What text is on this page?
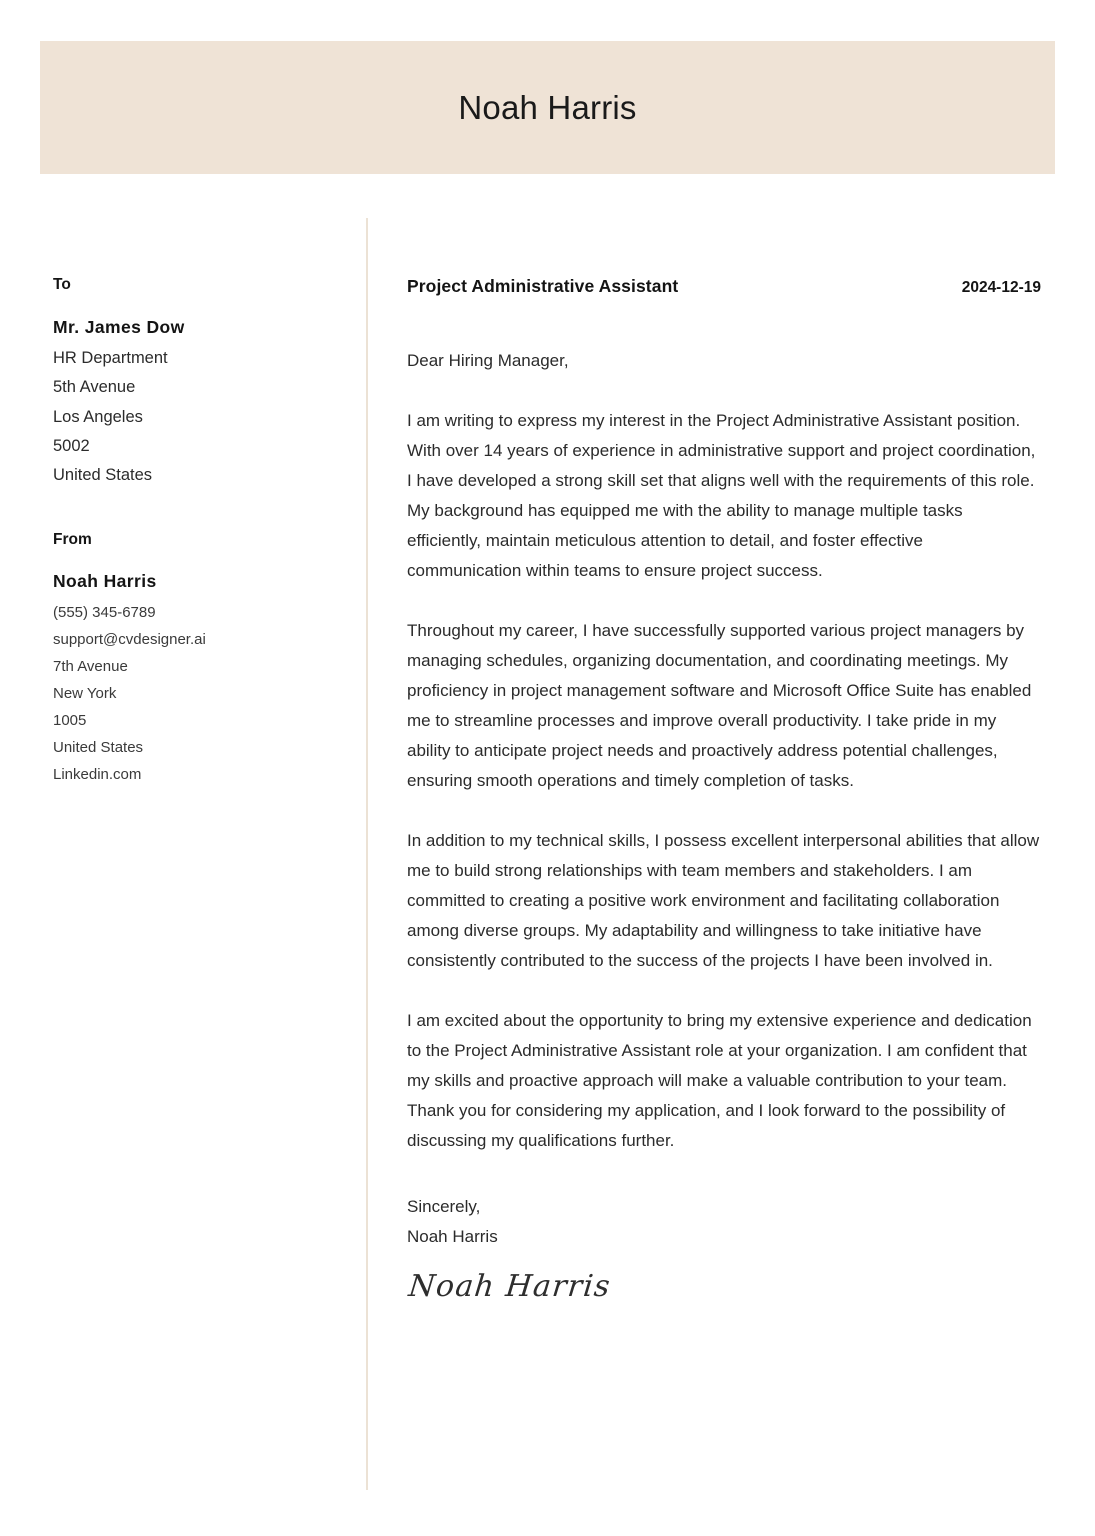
Noah Harris
To
Mr. James Dow
HR Department
5th Avenue
Los Angeles
5002
United States
From
Noah Harris
(555) 345-6789
support@cvdesigner.ai
7th Avenue
New York
1005
United States
Linkedin.com
Project Administrative Assistant	2024-12-19
Dear Hiring Manager,

I am writing to express my interest in the Project Administrative Assistant position. With over 14 years of experience in administrative support and project coordination, I have developed a strong skill set that aligns well with the requirements of this role. My background has equipped me with the ability to manage multiple tasks efficiently, maintain meticulous attention to detail, and foster effective communication within teams to ensure project success.

Throughout my career, I have successfully supported various project managers by managing schedules, organizing documentation, and coordinating meetings. My proficiency in project management software and Microsoft Office Suite has enabled me to streamline processes and improve overall productivity. I take pride in my ability to anticipate project needs and proactively address potential challenges, ensuring smooth operations and timely completion of tasks.

In addition to my technical skills, I possess excellent interpersonal abilities that allow me to build strong relationships with team members and stakeholders. I am committed to creating a positive work environment and facilitating collaboration among diverse groups. My adaptability and willingness to take initiative have consistently contributed to the success of the projects I have been involved in.

I am excited about the opportunity to bring my extensive experience and dedication to the Project Administrative Assistant role at your organization. I am confident that my skills and proactive approach will make a valuable contribution to your team. Thank you for considering my application, and I look forward to the possibility of discussing my qualifications further.

Sincerely,
Noah Harris
Noah Harris
